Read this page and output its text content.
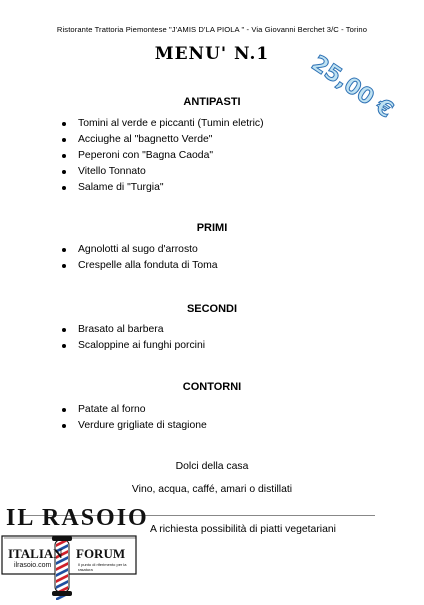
Ristorante Trattoria Piemontese "J'AMIS D'LA PIOLA " - Via Giovanni Berchet 3/C - Torino
MENU' N.1	25,00 €
ANTIPASTI
Tomini al verde e piccanti (Tumin eletric)
Acciughe al "bagnetto Verde"
Peperoni con "Bagna Caoda"
Vitello Tonnato
Salame di "Turgia"
PRIMI
Agnolotti al sugo d'arrosto
Crespelle alla fonduta di Toma
SECONDI
Brasato al barbera
Scaloppine ai funghi porcini
CONTORNI
Patate al forno
Verdure grigliate di stagione
Dolci della casa
Vino, acqua, caffé, amari o distillati
A richiesta possibilità di piatti vegetariani
IL RASOIO
ITALIAN FORUM
ilrasoio.com	Il punto di riferimento per la rasatura
